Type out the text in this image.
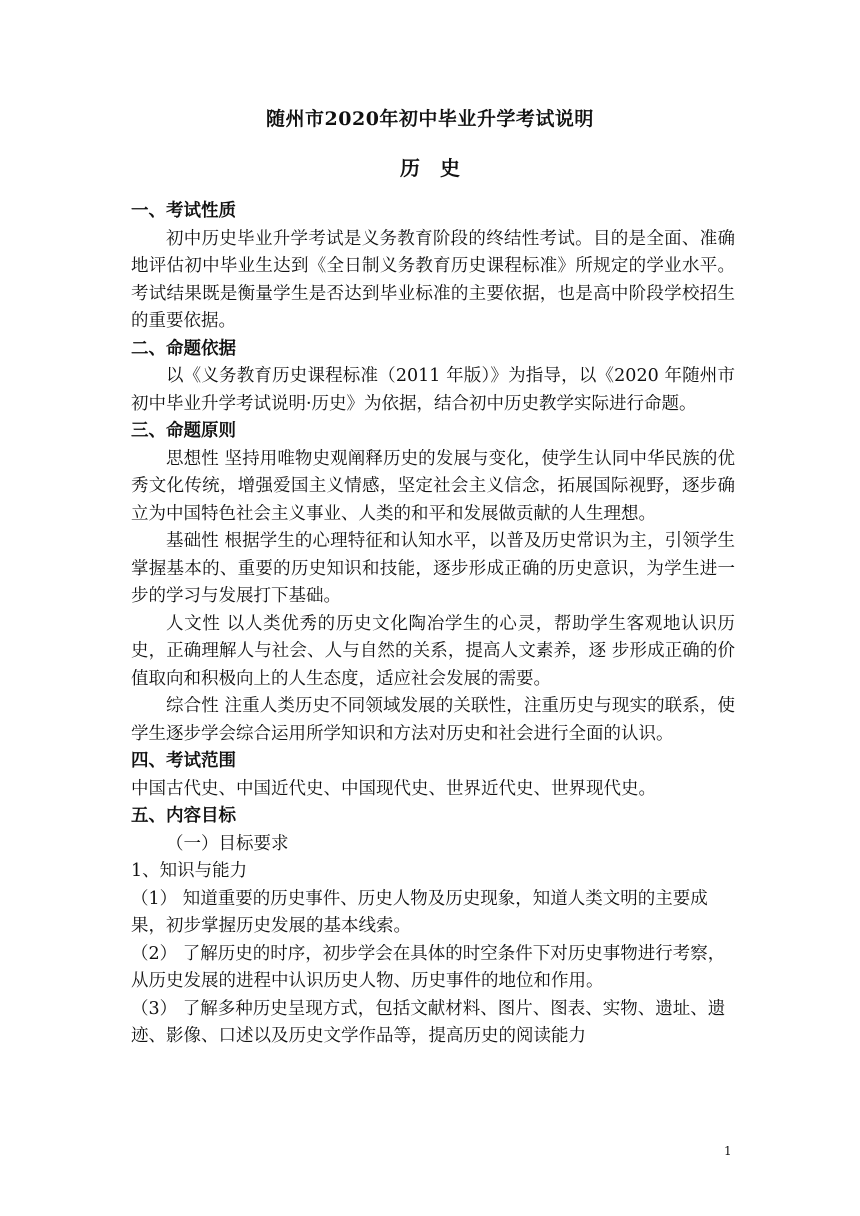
随州市2020年初中毕业升学考试说明
历　史

一、考试性质

初中历史毕业升学考试是义务教育阶段的终结性考试。目的是全面、准确地评估初中毕业生达到《全日制义务教育历史课程标准》所规定的学业水平。考试结果既是衡量学生是否达到毕业标准的主要依据，也是高中阶段学校招生的重要依据。

二、命题依据

以《义务教育历史课程标准（2011 年版）》为指导，以《2020 年随州市初中毕业升学考试说明·历史》为依据，结合初中历史教学实际进行命题。

三、命题原则

思想性 坚持用唯物史观阐释历史的发展与变化，使学生认同中华民族的优秀文化传统，增强爱国主义情感，坚定社会主义信念，拓展国际视野，逐步确立为中国特色社会主义事业、人类的和平和发展做贡献的人生理想。

基础性 根据学生的心理特征和认知水平，以普及历史常识为主，引领学生掌握基本的、重要的历史知识和技能，逐步形成正确的历史意识，为学生进一步的学习与发展打下基础。

人文性 以人类优秀的历史文化陶冶学生的心灵，帮助学生客观地认识历史，正确理解人与社会、人与自然的关系，提高人文素养，逐 步形成正确的价值取向和积极向上的人生态度，适应社会发展的需要。

综合性 注重人类历史不同领域发展的关联性，注重历史与现实的联系，使学生逐步学会综合运用所学知识和方法对历史和社会进行全面的认识。

四、考试范围

中国古代史、中国近代史、中国现代史、世界近代史、世界现代史。

五、内容目标

（一）目标要求

1、知识与能力

（1） 知道重要的历史事件、历史人物及历史现象，知道人类文明的主要成果，初步掌握历史发展的基本线索。

（2） 了解历史的时序，初步学会在具体的时空条件下对历史事物进行考察，从历史发展的进程中认识历史人物、历史事件的地位和作用。

（3） 了解多种历史呈现方式，包括文献材料、图片、图表、实物、遗址、遗迹、影像、口述以及历史文学作品等，提高历史的阅读能力

1
